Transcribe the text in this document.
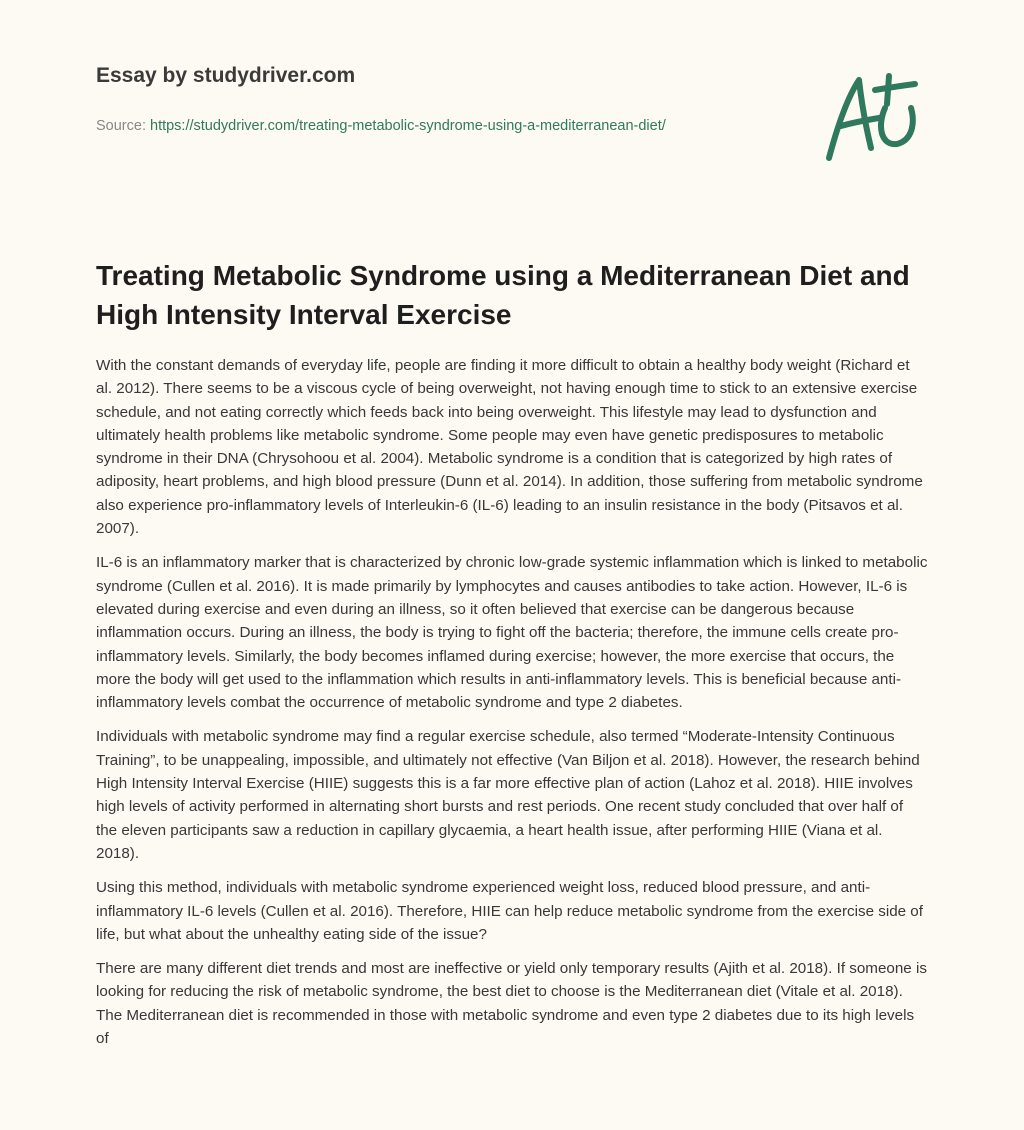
Essay by studydriver.com
Source: https://studydriver.com/treating-metabolic-syndrome-using-a-mediterranean-diet/
Treating Metabolic Syndrome using a Mediterranean Diet and High Intensity Interval Exercise

With the constant demands of everyday life, people are finding it more difficult to obtain a healthy body weight (Richard et al. 2012). There seems to be a viscous cycle of being overweight, not having enough time to stick to an extensive exercise schedule, and not eating correctly which feeds back into being overweight. This lifestyle may lead to dysfunction and ultimately health problems like metabolic syndrome. Some people may even have genetic predisposures to metabolic syndrome in their DNA (Chrysohoou et al. 2004). Metabolic syndrome is a condition that is categorized by high rates of adiposity, heart problems, and high blood pressure (Dunn et al. 2014). In addition, those suffering from metabolic syndrome also experience pro-inflammatory levels of Interleukin-6 (IL-6) leading to an insulin resistance in the body (Pitsavos et al. 2007).

IL-6 is an inflammatory marker that is characterized by chronic low-grade systemic inflammation which is linked to metabolic syndrome (Cullen et al. 2016). It is made primarily by lymphocytes and causes antibodies to take action. However, IL-6 is elevated during exercise and even during an illness, so it often believed that exercise can be dangerous because inflammation occurs. During an illness, the body is trying to fight off the bacteria; therefore, the immune cells create pro-inflammatory levels. Similarly, the body becomes inflamed during exercise; however, the more exercise that occurs, the more the body will get used to the inflammation which results in anti-inflammatory levels. This is beneficial because anti-inflammatory levels combat the occurrence of metabolic syndrome and type 2 diabetes.

Individuals with metabolic syndrome may find a regular exercise schedule, also termed “Moderate-Intensity Continuous Training”, to be unappealing, impossible, and ultimately not effective (Van Biljon et al. 2018). However, the research behind High Intensity Interval Exercise (HIIE) suggests this is a far more effective plan of action (Lahoz et al. 2018). HIIE involves high levels of activity performed in alternating short bursts and rest periods. One recent study concluded that over half of the eleven participants saw a reduction in capillary glycaemia, a heart health issue, after performing HIIE (Viana et al. 2018).

Using this method, individuals with metabolic syndrome experienced weight loss, reduced blood pressure, and anti-inflammatory IL-6 levels (Cullen et al. 2016). Therefore, HIIE can help reduce metabolic syndrome from the exercise side of life, but what about the unhealthy eating side of the issue?

There are many different diet trends and most are ineffective or yield only temporary results (Ajith et al. 2018). If someone is looking for reducing the risk of metabolic syndrome, the best diet to choose is the Mediterranean diet (Vitale et al. 2018). The Mediterranean diet is recommended in those with metabolic syndrome and even type 2 diabetes due to its high levels of
